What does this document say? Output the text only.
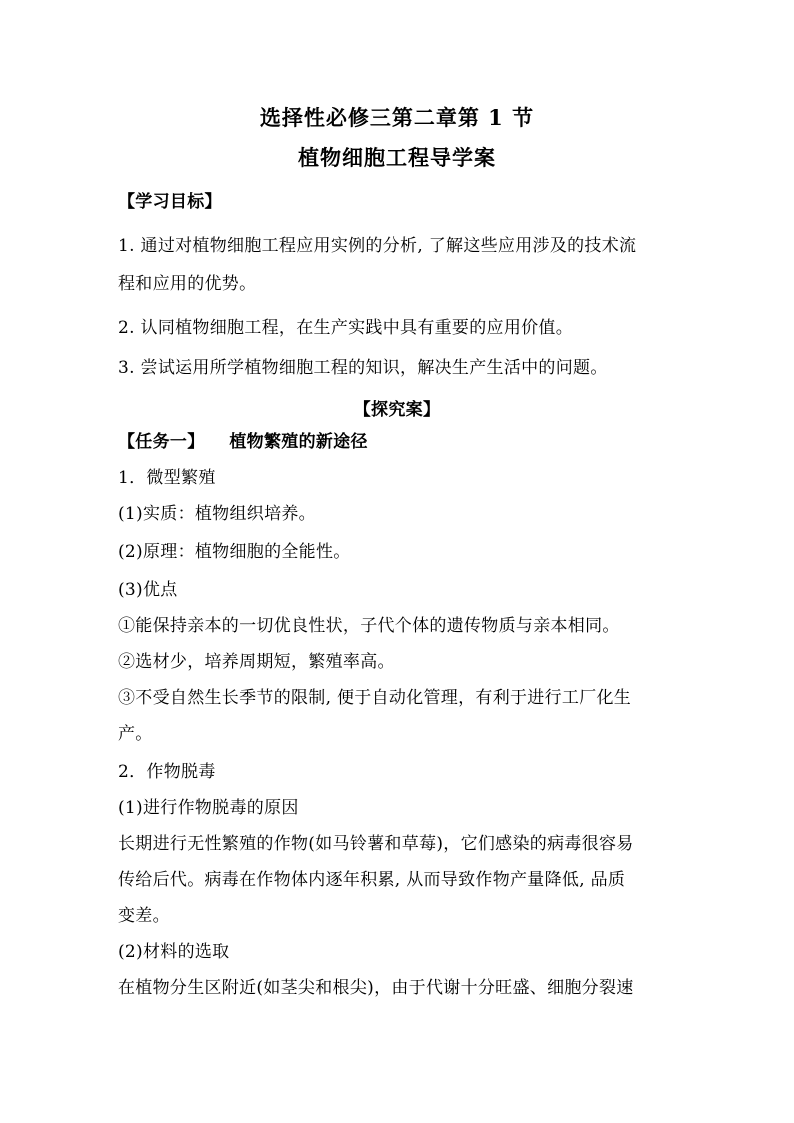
选择性必修三第二章第 1 节
植物细胞工程导学案
【学习目标】
1. 通过对植物细胞工程应用实例的分析, 了解这些应用涉及的技术流
程和应用的优势。
2. 认同植物细胞工程，在生产实践中具有重要的应用价值。
3. 尝试运用所学植物细胞工程的知识，解决生产生活中的问题。
【探究案】
【任务一】    植物繁殖的新途径
1．微型繁殖
(1)实质：植物组织培养。
(2)原理：植物细胞的全能性。
(3)优点
①能保持亲本的一切优良性状，子代个体的遗传物质与亲本相同。
②选材少，培养周期短，繁殖率高。
③不受自然生长季节的限制, 便于自动化管理，有利于进行工厂化生
产。
2．作物脱毒
(1)进行作物脱毒的原因
长期进行无性繁殖的作物(如马铃薯和草莓)，它们感染的病毒很容易
传给后代。病毒在作物体内逐年积累, 从而导致作物产量降低, 品质
变差。
(2)材料的选取
在植物分生区附近(如茎尖和根尖)，由于代谢十分旺盛、细胞分裂速
